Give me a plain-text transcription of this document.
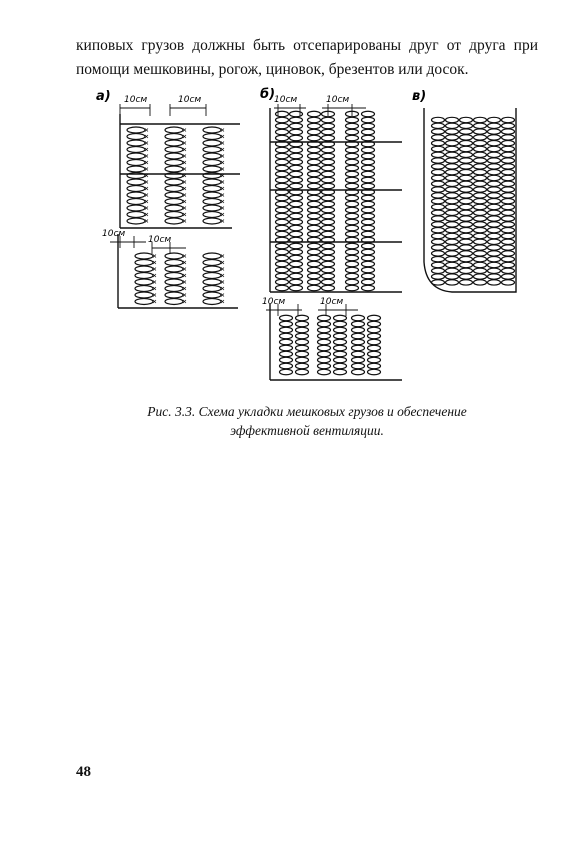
киповых грузов должны быть отсепарированы друг от друга при
помощи мешковины, рогож, циновок, брезентов или досок.

а)	б)	в)
10см	10см
10см
10см
10см	10см
10см	10см
Рис. 3.3. Схема укладки мешковых грузов и обеспечение
эффективной вентиляции.
48
